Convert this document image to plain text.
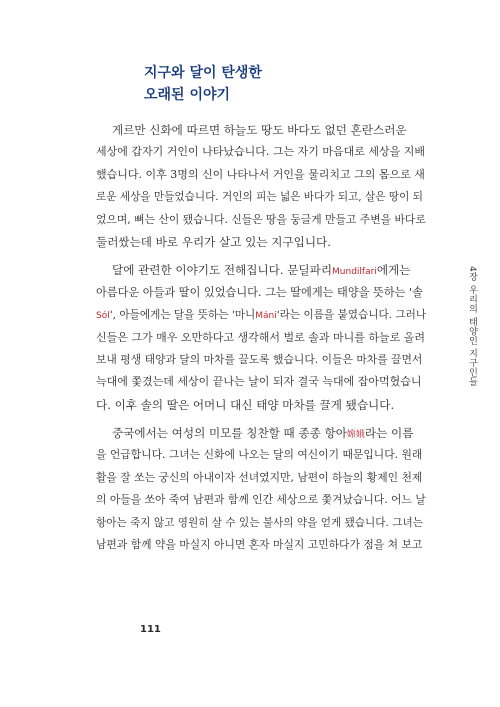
지구와 달이 탄생한
오래된 이야기
게르만 신화에 따르면 하늘도 땅도 바다도 없던 혼란스러운
세상에 갑자기 거인이 나타났습니다. 그는 자기 마음대로 세상을 지배
했습니다. 이후 3명의 신이 나타나서 거인을 물리치고 그의 몸으로 새
로운 세상을 만들었습니다. 거인의 피는 넓은 바다가 되고, 살은 땅이 되
었으며, 뼈는 산이 됐습니다. 신들은 땅을 둥글게 만들고 주변을 바다로
둘러쌌는데 바로 우리가 살고 있는 지구입니다.
달에 관련한 이야기도 전해집니다. 문딜파리Mundilfari에게는
아름다운 아들과 딸이 있었습니다. 그는 딸에게는 태양을 뜻하는 '솔
Sól', 아들에게는 달을 뜻하는 '마니Máni'라는 이름을 붙였습니다. 그러나
신들은 그가 매우 오만하다고 생각해서 벌로 솔과 마니를 하늘로 올려
보내 평생 태양과 달의 마차를 끌도록 했습니다. 이들은 마차를 끌면서
늑대에 쫓겼는데 세상이 끝나는 날이 되자 결국 늑대에 잡아먹혔습니
다. 이후 솔의 딸은 어머니 대신 태양 마차를 끌게 됐습니다.
중국에서는 여성의 미모를 칭찬할 때 종종 항아嫦娥라는 이름
을 언급합니다. 그녀는 신화에 나오는 달의 여신이기 때문입니다. 원래
활을 잘 쏘는 궁신의 아내이자 선녀였지만, 남편이 하늘의 황제인 천제
의 아들을 쏘아 죽여 남편과 함께 인간 세상으로 쫓겨났습니다. 어느 날
항아는 죽지 않고 영원히 살 수 있는 불사의 약을 얻게 됐습니다. 그녀는
남편과 함께 약을 마실지 아니면 혼자 마실지 고민하다가 점을 쳐 보고
4장 우리의 태양인 지구인들
111
